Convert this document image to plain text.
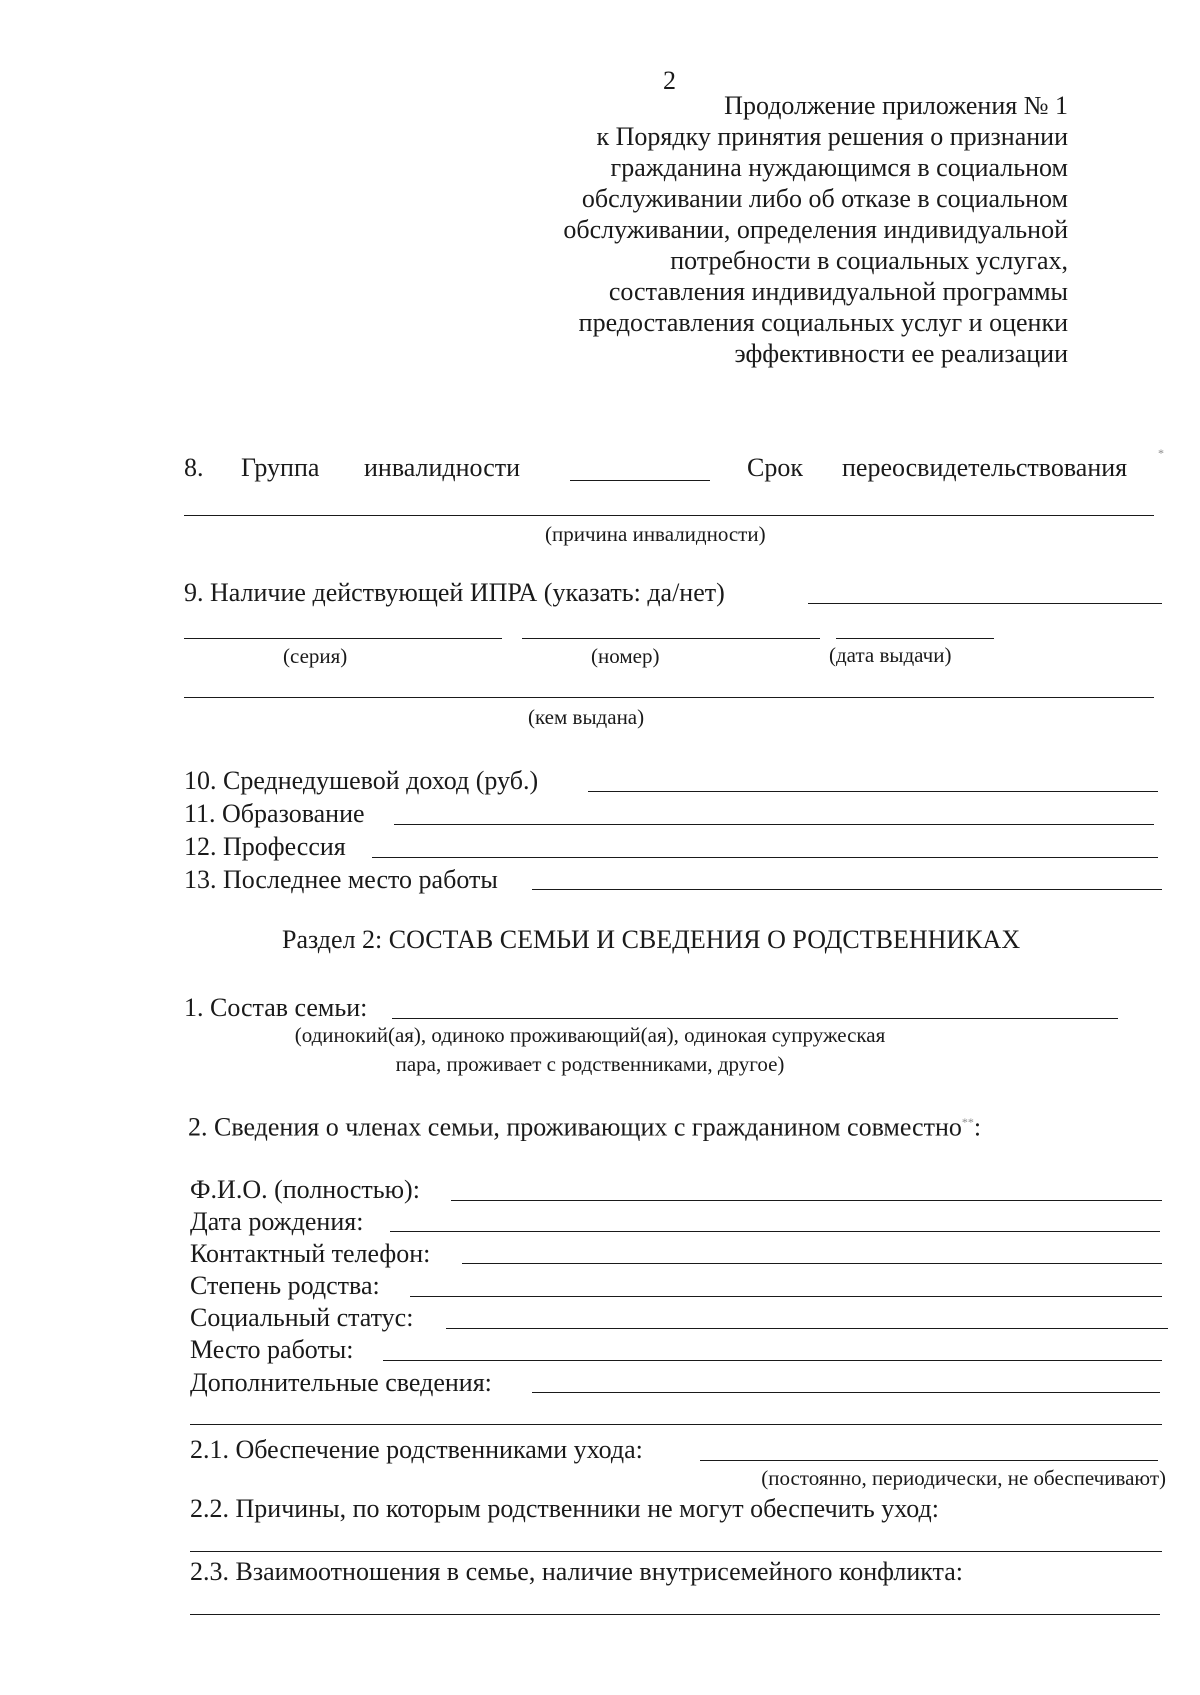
2
Продолжение приложения № 1
к Порядку принятия решения о признании
гражданина нуждающимся в социальном
обслуживании либо об отказе в социальном
обслуживании, определения индивидуальной
потребности в социальных услугах,
составления индивидуальной программы
предоставления социальных услуг и оценки
эффективности ее реализации
8. Группа инвалидности	Срок переосвидетельствования	*
(причина инвалидности)
9. Наличие действующей ИПРА (указать: да/нет)
(серия)	(номер)	(дата выдачи)
(кем выдана)
10. Среднедушевой доход (руб.)
11. Образование
12. Профессия
13. Последнее место работы
Раздел 2: СОСТАВ СЕМЬИ И СВЕДЕНИЯ О РОДСТВЕННИКАХ
1. Состав семьи:
(одинокий(ая), одиноко проживающий(ая), одинокая супружеская
пара, проживает с родственниками, другое)
2. Сведения о членах семьи, проживающих с гражданином совместно**:
Ф.И.О. (полностью):
Дата рождения:
Контактный телефон:
Степень родства:
Социальный статус:
Место работы:
Дополнительные сведения:
2.1. Обеспечение родственниками ухода:
(постоянно, периодически, не обеспечивают)
2.2. Причины, по которым родственники не могут обеспечить уход:
2.3. Взаимоотношения в семье, наличие внутрисемейного конфликта:
